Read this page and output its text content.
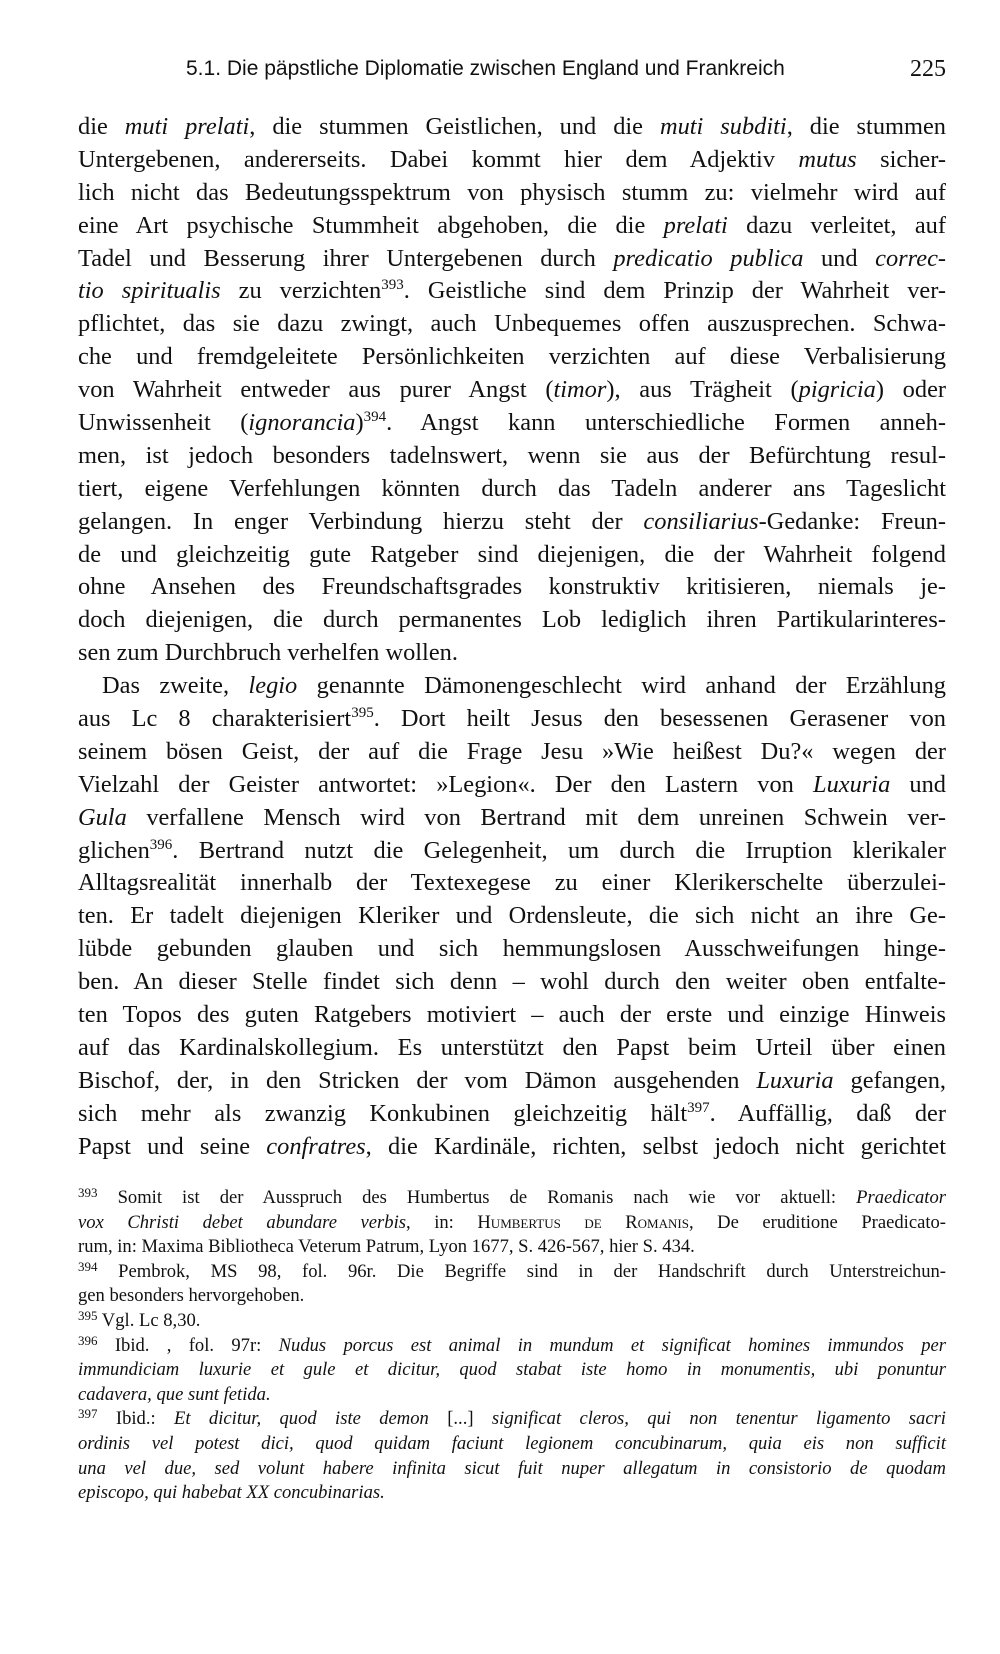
5.1. Die päpstliche Diplomatie zwischen England und Frankreich	225
die muti prelati, die stummen Geistlichen, und die muti subditi, die stummen
Untergebenen, andererseits. Dabei kommt hier dem Adjektiv mutus sicher-
lich nicht das Bedeutungsspektrum von physisch stumm zu: vielmehr wird auf
eine Art psychische Stummheit abgehoben, die die prelati dazu verleitet, auf
Tadel und Besserung ihrer Untergebenen durch predicatio publica und correc-
tio spiritualis zu verzichten$^{393}$. Geistliche sind dem Prinzip der Wahrheit ver-
pflichtet, das sie dazu zwingt, auch Unbequemes offen auszusprechen. Schwa-
che und fremdgeleitete Persönlichkeiten verzichten auf diese Verbalisierung
von Wahrheit entweder aus purer Angst (timor), aus Trägheit (pigricia) oder
Unwissenheit (ignorancia)$^{394}$. Angst kann unterschiedliche Formen anneh-
men, ist jedoch besonders tadelnswert, wenn sie aus der Befürchtung resul-
tiert, eigene Verfehlungen könnten durch das Tadeln anderer ans Tageslicht
gelangen. In enger Verbindung hierzu steht der consiliarius-Gedanke: Freun-
de und gleichzeitig gute Ratgeber sind diejenigen, die der Wahrheit folgend
ohne Ansehen des Freundschaftsgrades konstruktiv kritisieren, niemals je-
doch diejenigen, die durch permanentes Lob lediglich ihren Partikularinteres-
sen zum Durchbruch verhelfen wollen.
Das zweite, legio genannte Dämonengeschlecht wird anhand der Erzählung
aus Lc 8 charakterisiert$^{395}$. Dort heilt Jesus den besessenen Gerasener von
seinem bösen Geist, der auf die Frage Jesu »Wie heißest Du?« wegen der
Vielzahl der Geister antwortet: »Legion«. Der den Lastern von Luxuria und
Gula verfallene Mensch wird von Bertrand mit dem unreinen Schwein ver-
glichen$^{396}$. Bertrand nutzt die Gelegenheit, um durch die Irruption klerikaler
Alltagsrealität innerhalb der Textexegese zu einer Klerikerschelte überzulei-
ten. Er tadelt diejenigen Kleriker und Ordensleute, die sich nicht an ihre Ge-
lübde gebunden glauben und sich hemmungslosen Ausschweifungen hinge-
ben. An dieser Stelle findet sich denn – wohl durch den weiter oben entfalte-
ten Topos des guten Ratgebers motiviert – auch der erste und einzige Hinweis
auf das Kardinalskollegium. Es unterstützt den Papst beim Urteil über einen
Bischof, der, in den Stricken der vom Dämon ausgehenden Luxuria gefangen,
sich mehr als zwanzig Konkubinen gleichzeitig hält$^{397}$. Auffällig, daß der
Papst und seine confratres, die Kardinäle, richten, selbst jedoch nicht gerichtet
$^{393}$ Somit ist der Ausspruch des Humbertus de Romanis nach wie vor aktuell: Praedicator
vox Christi debet abundare verbis, in: Humbertus de Romanis, De eruditione Praedicato-
rum, in: Maxima Bibliotheca Veterum Patrum, Lyon 1677, S. 426-567, hier S. 434.
$^{394}$ Pembrok, MS 98, fol. 96r. Die Begriffe sind in der Handschrift durch Unterstreichun-
gen besonders hervorgehoben.
$^{395}$ Vgl. Lc 8,30.
$^{396}$ Ibid. , fol. 97r: Nudus porcus est animal in mundum et significat homines immundos per
immundiciam luxurie et gule et dicitur, quod stabat iste homo in monumentis, ubi ponuntur
cadavera, que sunt fetida.
$^{397}$ Ibid.: Et dicitur, quod iste demon [...] significat cleros, qui non tenentur ligamento sacri
ordinis vel potest dici, quod quidam faciunt legionem concubinarum, quia eis non sufficit
una vel due, sed volunt habere infinita sicut fuit nuper allegatum in consistorio de quodam
episcopo, qui habebat XX concubinarias.
